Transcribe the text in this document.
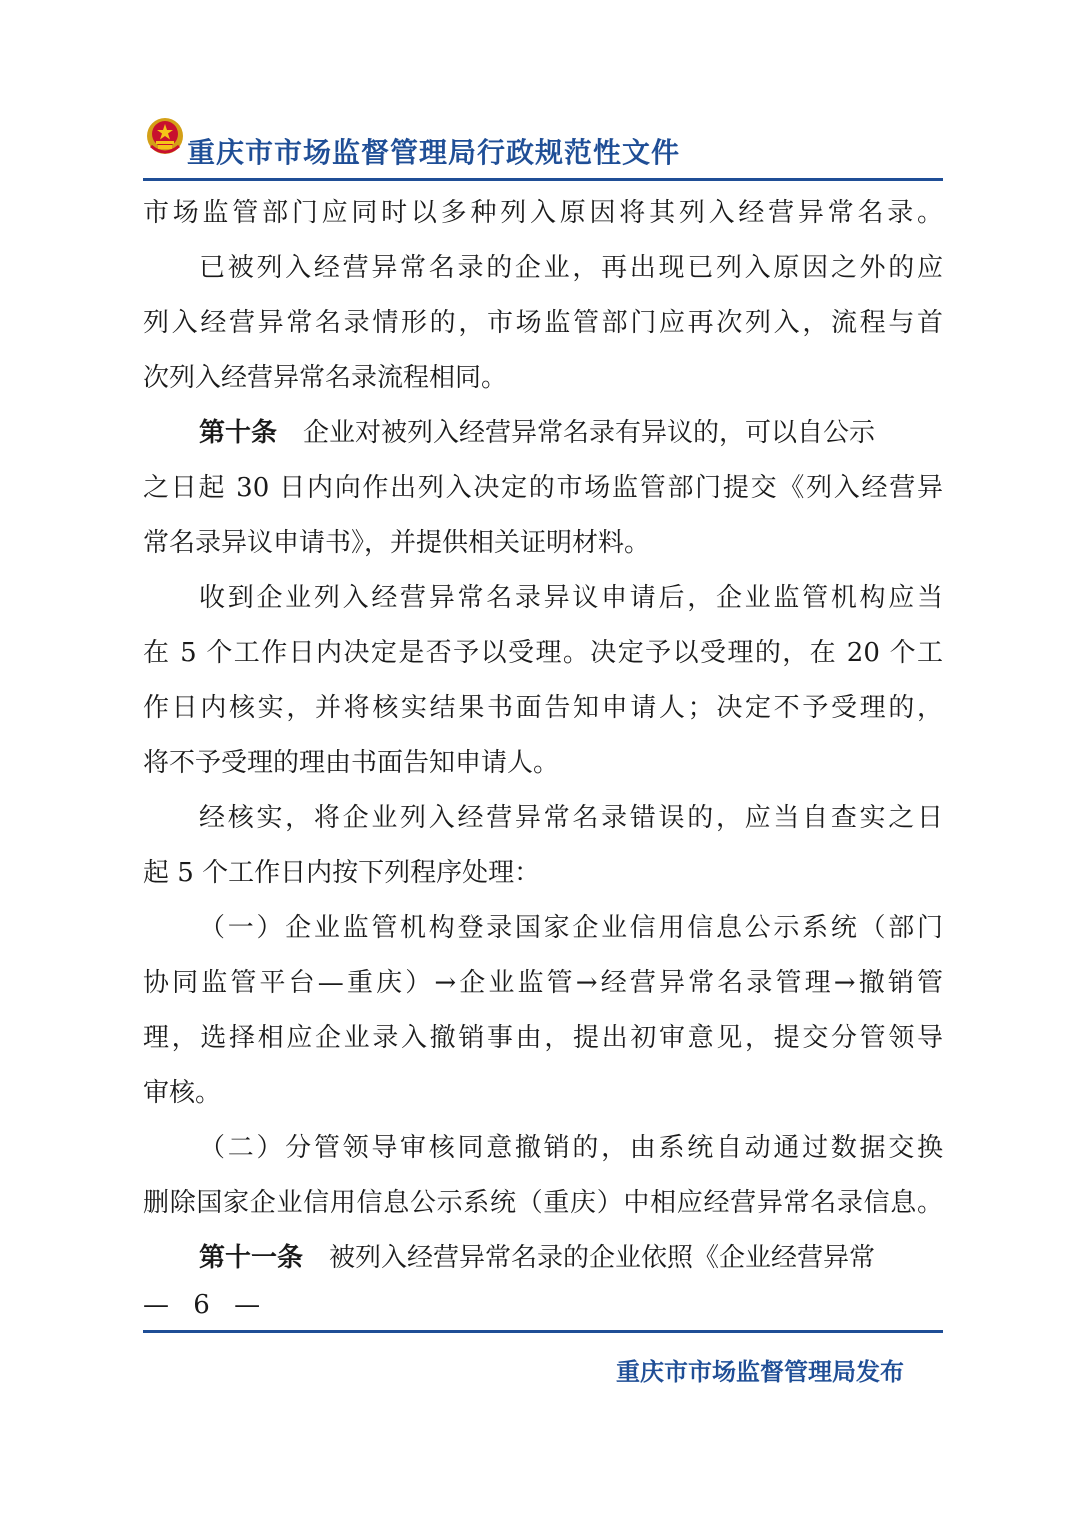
重庆市市场监督管理局行政规范性文件
市场监管部门应同时以多种列入原因将其列入经营异常名录。
已被列入经营异常名录的企业，再出现已列入原因之外的应
列入经营异常名录情形的，市场监管部门应再次列入，流程与首
次列入经营异常名录流程相同。
第十条 企业对被列入经营异常名录有异议的，可以自公示
之日起 30 日内向作出列入决定的市场监管部门提交《列入经营异
常名录异议申请书》，并提供相关证明材料。
收到企业列入经营异常名录异议申请后，企业监管机构应当
在 5 个工作日内决定是否予以受理。决定予以受理的，在 20 个工
作日内核实，并将核实结果书面告知申请人；决定不予受理的，
将不予受理的理由书面告知申请人。
经核实，将企业列入经营异常名录错误的，应当自查实之日
起 5 个工作日内按下列程序处理：
（一）企业监管机构登录国家企业信用信息公示系统（部门
协同监管平台—重庆）→企业监管→经营异常名录管理→撤销管
理，选择相应企业录入撤销事由，提出初审意见，提交分管领导
审核。
（二）分管领导审核同意撤销的，由系统自动通过数据交换
删除国家企业信用信息公示系统（重庆）中相应经营异常名录信息。
第十一条 被列入经营异常名录的企业依照《企业经营异常
— 6 —
重庆市市场监督管理局发布
